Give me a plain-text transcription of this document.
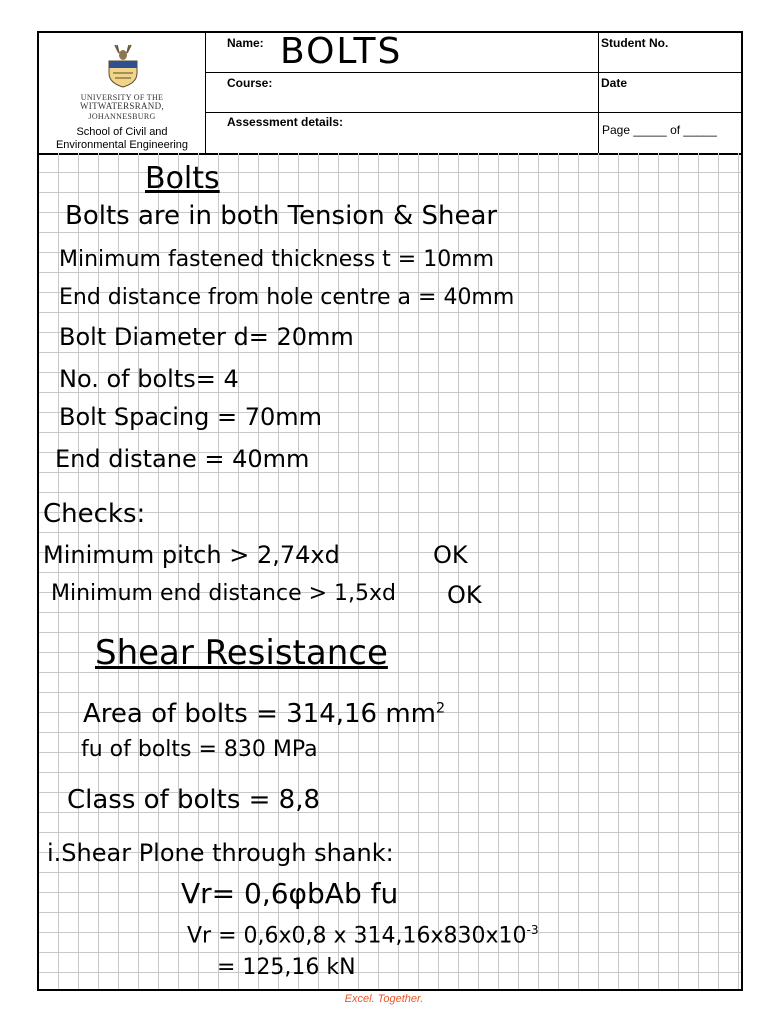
UNIVERSITY OF THE
WITWATERSRAND,
JOHANNESBURG
School of Civil and
Environmental Engineering
Name: BOLTS
Course:
Assessment details:
Student No.
Date
Page _____ of _____
Bolts
Bolts are in both Tension & Shear
Minimum fastened thickness t = 10mm
End distance from hole centre a = 40mm
Bolt Diameter d= 20mm
No. of bolts= 4
Bolt Spacing = 70mm
End distane = 40mm
Checks:
Minimum pitch > 2,74xd	OK
Minimum end distance > 1,5xd OK
Shear Resistance
Area of bolts = 314,16 $mm^2$
fu of bolts = 830 MPa
Class of bolts = 8,8
i.Shear Plone through shank:
Vr= 0,6φbAb fu
Vr = 0,6x0,8 x $314,16x830x10^{-3}$
= 125,16 kN
Excel. Together.
